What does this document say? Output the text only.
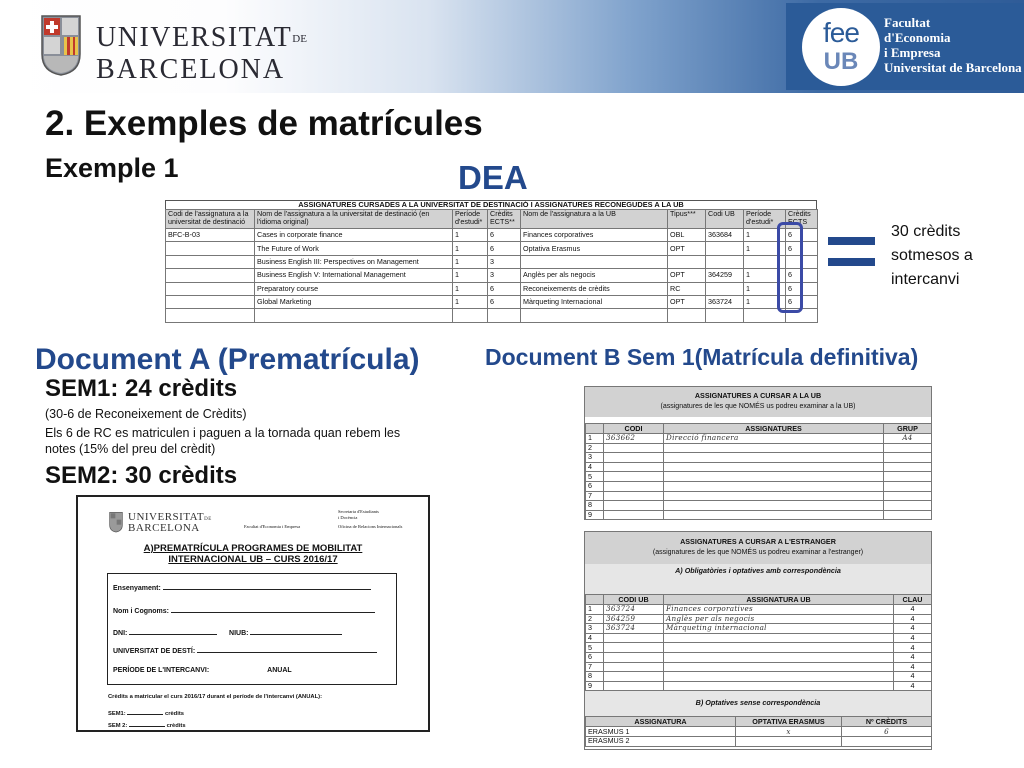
UNIVERSITATDE
BARCELONA
fee
UB
Facultat
d'Economia
i Empresa
Universitat de Barcelona
2. Exemples de matrícules
Exemple 1	DEA
ASSIGNATURES CURSADES A LA UNIVERSITAT DE DESTINACIÓ I ASSIGNATURES RECONEGUDES A LA UB
Codi de l'assignatura a la universitat de destinació	Nom de l'assignatura a la universitat de destinació (en l'idioma original)	Període d'estudi*	Crèdits ECTS**	Nom de l'assignatura a la UB	Tipus***	Codi UB	Període d'estudi*	Crèdits ECTS
BFC-B-03	Cases in corporate finance	1	6	Finances corporatives	OBL	363684	1	6
	The Future of Work	1	6	Optativa Erasmus	OPT		1	6
	Business English III: Perspectives on Management	1	3					
	Business English V: International Management	1	3	Anglès per als negocis	OPT	364259	1	6
	Preparatory course	1	6	Reconeixements de crèdits	RC		1	6
	Global Marketing	1	6	Màrqueting Internacional	OPT	363724	1	6

30 crèdits
sotmesos a
intercanvi
Document A (Prematrícula)
SEM1: 24 crèdits
(30-6 de Reconeixement de Crèdits)
Els 6 de RC es matriculen i paguen a la tornada quan rebem les
notes (15% del preu del crèdit)
SEM2: 30 crèdits
UNIVERSITATDE
BARCELONA	Facultat d'Economia i Empresa
Secretaria d'Estudiants
i Docència
Oficina de Relacions Internacionals
A)PREMATRÍCULA PROGRAMES DE MOBILITAT
INTERNACIONAL UB – CURS 2016/17
Ensenyament:
Nom i Cognoms:
DNI:	NIUB:
UNIVERSITAT DE DESTÍ:
PERÍODE DE L'INTERCANVI:	ANUAL
Crèdits a matricular el curs 2016/17 durant el període de l'intercanvi (ANUAL):
SEM1:	crèdits
SEM 2:	crèdits
Document B Sem 1(Matrícula definitiva)
ASSIGNATURES A CURSAR A LA UB
(assignatures de les que NOMÉS us podreu examinar a la UB)
	CODI	ASSIGNATURES	GRUP
1	363662	Direcció financera	A4
2			
3			
4			
5			
6			
7			
8			
9			
ASSIGNATURES A CURSAR A L'ESTRANGER
(assignatures de les que NOMÉS us podreu examinar a l'estranger)
A) Obligatòries i optatives amb correspondència
	CODI UB	ASSIGNATURA UB	CLAU
1	363724	Finances corporatives	4
2	364259	Anglès per als negocis	4
3	363724	Màrqueting internacional	4
4			4
5			4
6			4
7			4
8			4
9			4
B) Optatives sense correspondència
ASSIGNATURA	OPTATIVA ERASMUS	Nº CRÈDITS
ERASMUS 1	x	6
ERASMUS 2		
